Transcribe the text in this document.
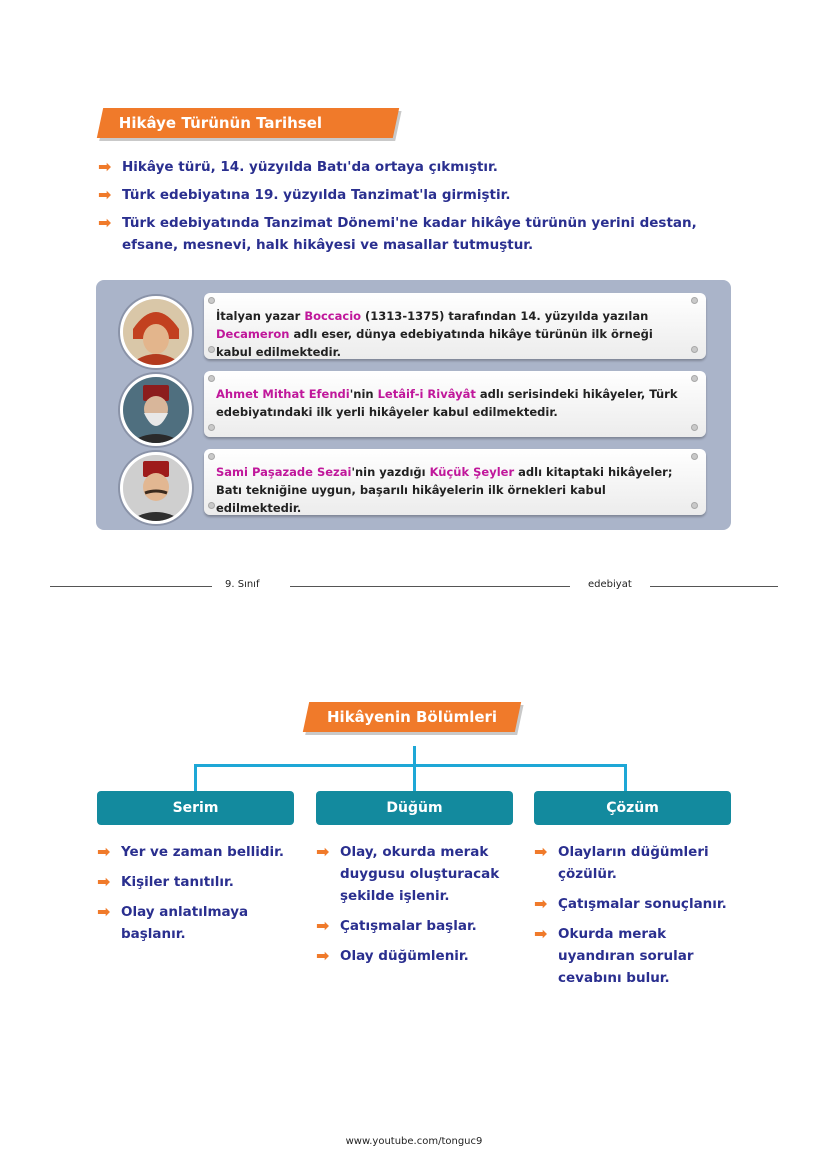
Hikâye Türünün Tarihsel Gelişimi
➡ Hikâye türü, 14. yüzyılda Batı'da ortaya çıkmıştır.
➡ Türk edebiyatına 19. yüzyılda Tanzimat'la girmiştir.
➡ Türk edebiyatında Tanzimat Dönemi'ne kadar hikâye türünün yerini destan, efsane, mesnevi, halk hikâyesi ve masallar tutmuştur.
İtalyan yazar Boccacio (1313-1375) tarafından 14. yüzyılda yazılan Decameron adlı eser, dünya edebiyatında hikâye türünün ilk örneği kabul edilmektedir.
Ahmet Mithat Efendi'nin Letâif-i Rivâyât adlı serisindeki hikâyeler, Türk edebiyatındaki ilk yerli hikâyeler kabul edilmektedir.
Sami Paşazade Sezai'nin yazdığı Küçük Şeyler adlı kitaptaki hikâyeler; Batı tekniğine uygun, başarılı hikâyelerin ilk örnekleri kabul edilmektedir.
9. Sınıf	edebiyat
Hikâyenin Bölümleri
Serim	Düğüm	Çözüm
➡ Yer ve zaman bellidir.
➡ Kişiler tanıtılır.
➡ Olay anlatılmaya başlanır.
➡ Olay, okurda merak duygusu oluşturacak şekilde işlenir.
➡ Çatışmalar başlar.
➡ Olay düğümlenir.
➡ Olayların düğümleri çözülür.
➡ Çatışmalar sonuçlanır.
➡ Okurda merak uyandıran sorular cevabını bulur.
www.youtube.com/tonguc9
